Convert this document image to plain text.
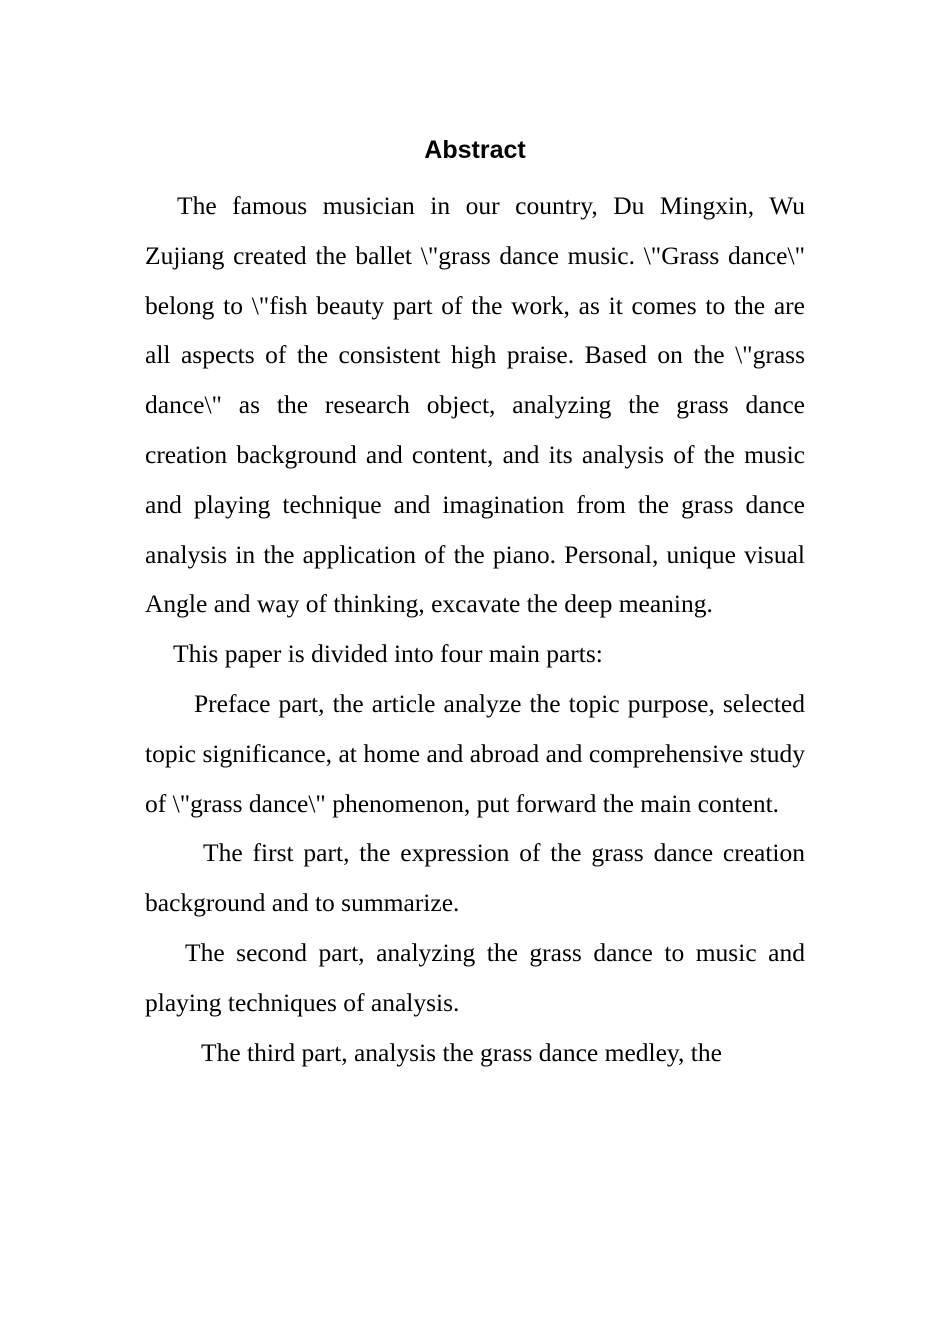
Abstract

The famous musician in our country, Du Mingxin, Wu Zujiang created the ballet \"grass dance music. \"Grass dance\" belong to \"fish beauty part of the work, as it comes to the are all aspects of the consistent high praise. Based on the \"grass dance\" as the research object, analyzing the grass dance creation background and content, and its analysis of the music and playing technique and imagination from the grass dance analysis in the application of the piano. Personal, unique visual Angle and way of thinking, excavate the deep meaning.

This paper is divided into four main parts:

Preface part, the article analyze the topic purpose, selected topic significance, at home and abroad and comprehensive study of \"grass dance\" phenomenon, put forward the main content.

The first part, the expression of the grass dance creation background and to summarize.

The second part, analyzing the grass dance to music and playing techniques of analysis.

The third part, analysis the grass dance medley, the
